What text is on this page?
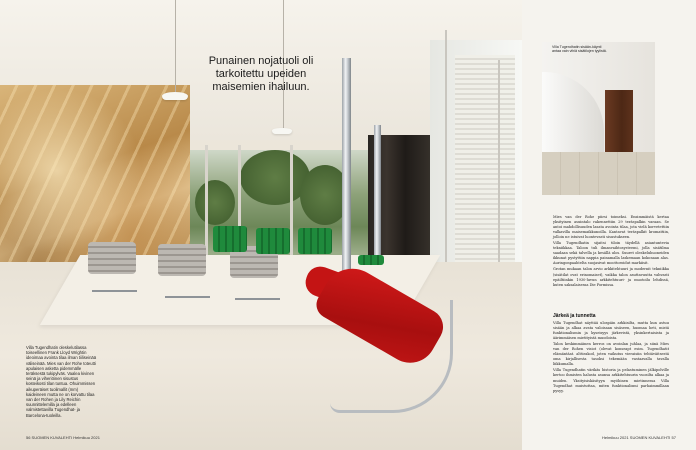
Punainen nojatuoli oli tarkoitettu upeiden maisemien ihailuun.
Villa Tugendhatin oleskelutilassa toiseellinen Frank Lloyd Wrightin ideoimaa avointa tilaa ilman tiiliseinää väliseinää. Mies van der Rohe toteutti apulaisen asketta pidemmälle teräksestä tukipylväs. Vaalea kivinen seinä ja viheriöinen sisustus kosteikosti tilan tuntua. Ohuimmissen aikuperäiset tuolimallit (mm) kaideineen mutta ne on korvattu tilaa van der Rohen ja Lily Reichin suunnittelemilla ja edelleen valmistettavilla Tugendhat- ja Barcelona-tuoleilla.
56 SUOMEN KUVALEHTI Helmikuu 2021
Villa Tugendhatin sisään-käynti antaa vain vihiä sisätilojen tyylistä.

Mies van der Rohe piirsi toimeksi. Ensimmäistä kertaa yksityinen asuintalo rakennettiin 29 teräspalkin varaan. Se antoi mahdollisuuden lasata avointa tilaa, jota vielä korvetettiin valkavilla maisemaikkunoilla. Kantavat teräspalkit kromattiin, jolloin ne istuivat luontevasti sisustukseen.

Villa Tugendhatin sijaitsi tiloin täydellä asiantuntevia tekniikkaa. Taloon tuli ilmanvaihtosysteemi, jolla sisätilma saadaan sekä talvella ja kesällä ulos. Suuret oleskeluhuoneiden ikkunat pystyttiin nappia painamalla laskemaan kokonaan alas. Auringonpaahtelta suojasivat moottoroidut markiisit.

Grotan mukaan talon arvio arkkitehtuuri ja modernit tekniikka (sisätilat ovat erinomaiset), vaikka talon asuttavuutta vahvasti epäiltiinkin 1930-luvun arkkitehtuuri- ja muotoilu lehdissä, kuten saksalaisessa Die Formissa.

Järkeä ja tunnetta

Villa Tugendhat näyttää ulospäin arkkisilta, mutta kun astuu sisään ja alkaa avata valoisaan sisäseen, huomaa heti, mistä funktionalismin ja kyseisyys järkevistä, yksinkertaisista ja äärimmäisen mietityistä muodoista.

Talon keskimmäinen kerros on avoinlan juhlaa, ja siinä Mies van der Rohen visiot (olevat konseapt esim. Tugendhatit elämäntäat. alttirakod, joten vaikutus vieraisiin tehtäväitsestä oma kirjallisesta tasoksi tekemään vastaavalla tavalla liikkumalla.

Villa Tugendhatin värikäs historia ja pelastuminen jälkipolville kertoo ihmisten halusta asunsa arkkitehtuurin vuosilta alkaa ja muiden. Yksityisiskäsityyn myöhinen mietinnessa Villa Tugendhat muistuttaa, miten funktionalismi parhaimmillaan pysyy.

Helmikuu 2021 SUOMEN KUVALEHTI 57
